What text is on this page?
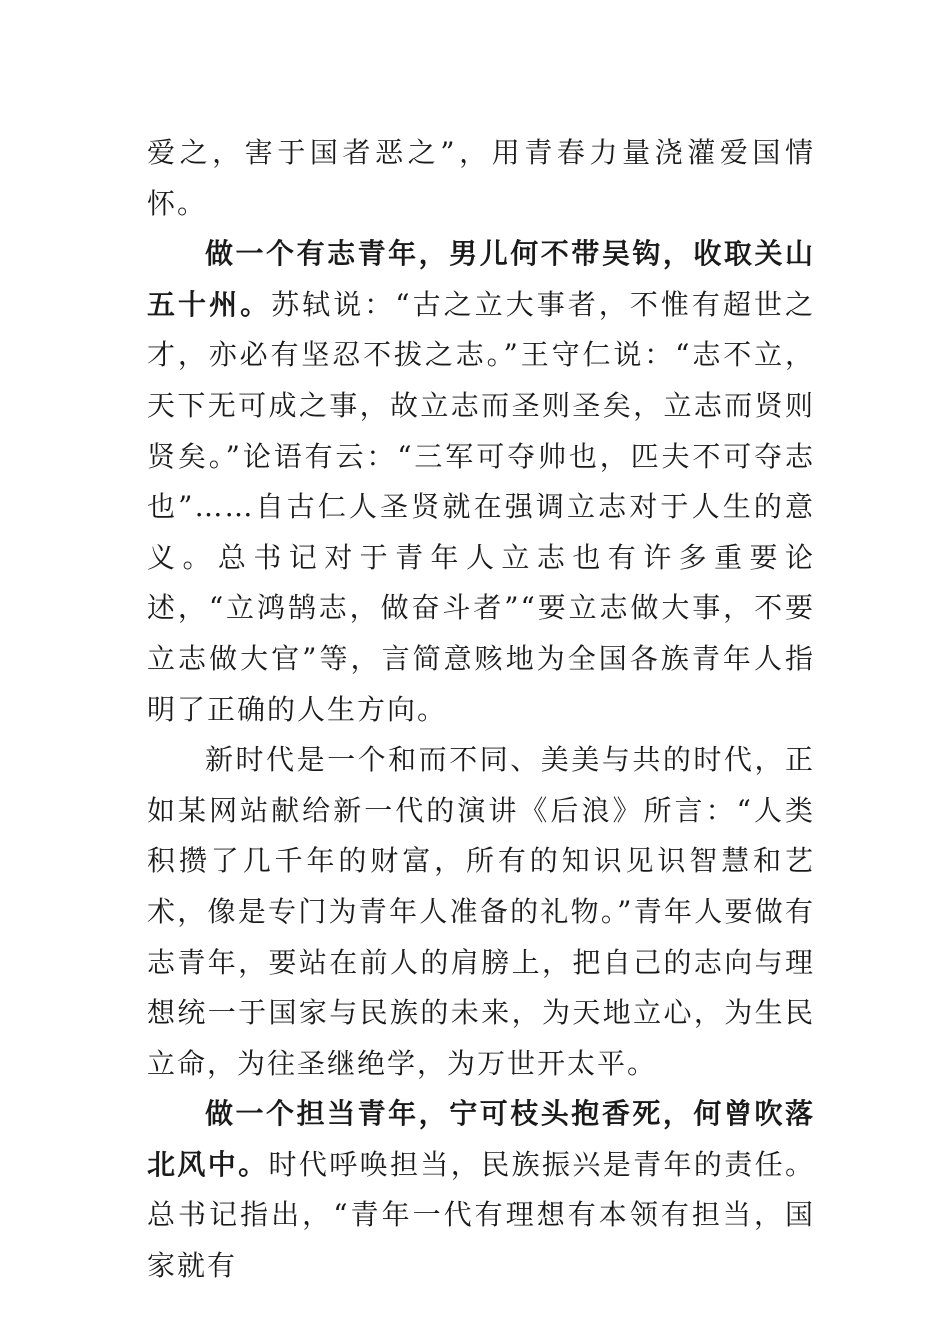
爱之，害于国者恶之”，用青春力量浇灌爱国情怀。

做一个有志青年，男儿何不带吴钩，收取关山五十州。苏轼说：“古之立大事者，不惟有超世之才，亦必有坚忍不拔之志。”王守仁说：“志不立，天下无可成之事，故立志而圣则圣矣，立志而贤则贤矣。”论语有云：“三军可夺帅也，匹夫不可夺志也”……自古仁人圣贤就在强调立志对于人生的意义。总书记对于青年人立志也有许多重要论述，“立鸿鹄志，做奋斗者”“要立志做大事，不要立志做大官”等，言简意赅地为全国各族青年人指明了正确的人生方向。

新时代是一个和而不同、美美与共的时代，正如某网站献给新一代的演讲《后浪》所言：“人类积攒了几千年的财富，所有的知识见识智慧和艺术，像是专门为青年人准备的礼物。”青年人要做有志青年，要站在前人的肩膀上，把自己的志向与理想统一于国家与民族的未来，为天地立心，为生民立命，为往圣继绝学，为万世开太平。

做一个担当青年，宁可枝头抱香死，何曾吹落北风中。时代呼唤担当，民族振兴是青年的责任。总书记指出，“青年一代有理想有本领有担当，国家就有
